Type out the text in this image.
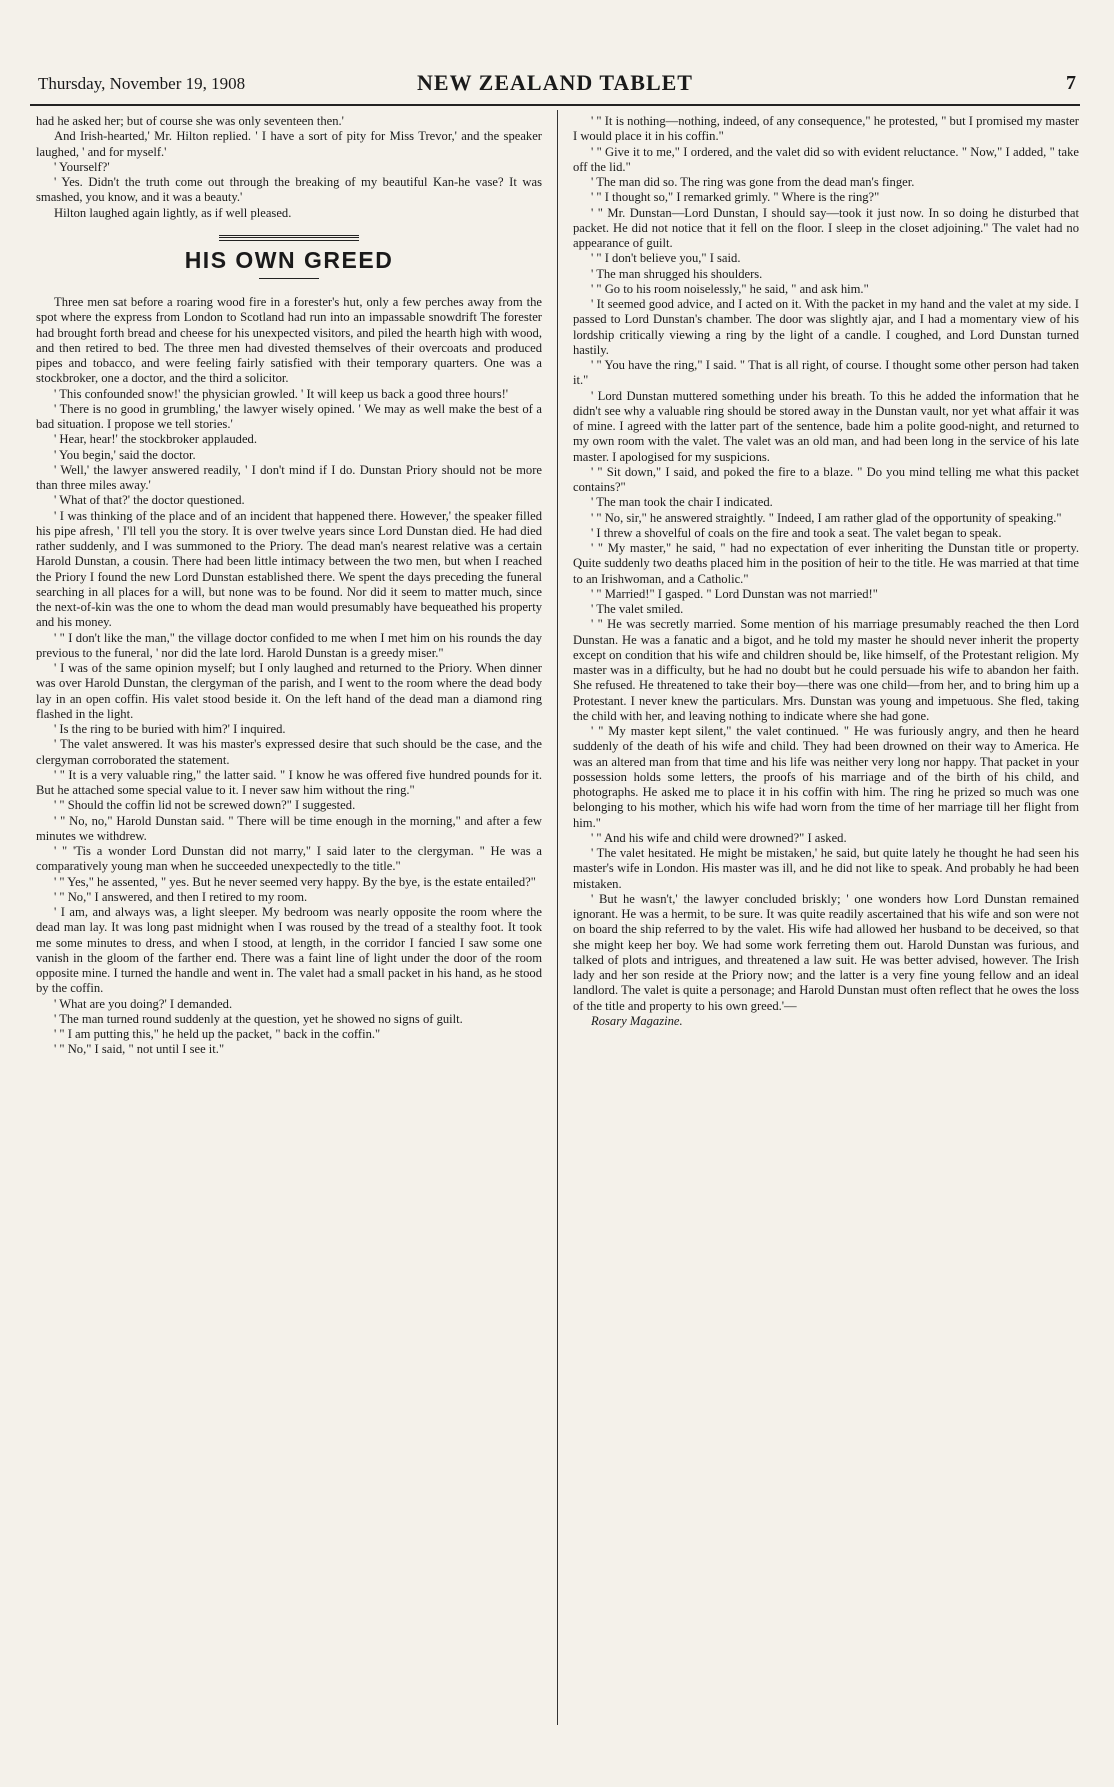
Thursday, November 19, 1908	NEW ZEALAND TABLET	7

had he asked her; but of course she was only seventeen then.'

And Irish-hearted,' Mr. Hilton replied. ' I have a sort of pity for Miss Trevor,' and the speaker laughed, ' and for myself.'

' Yourself?'

' Yes. Didn't the truth come out through the breaking of my beautiful Kan-he vase? It was smashed, you know, and it was a beauty.'

Hilton laughed again lightly, as if well pleased.

HIS OWN GREED

Three men sat before a roaring wood fire in a forester's hut, only a few perches away from the spot where the express from London to Scotland had run into an impassable snowdrift The forester had brought forth bread and cheese for his unexpected visitors, and piled the hearth high with wood, and then retired to bed. The three men had divested themselves of their overcoats and produced pipes and tobacco, and were feeling fairly satisfied with their temporary quarters. One was a stockbroker, one a doctor, and the third a solicitor.

' This confounded snow!' the physician growled. ' It will keep us back a good three hours!'

' There is no good in grumbling,' the lawyer wisely opined. ' We may as well make the best of a bad situation. I propose we tell stories.'

' Hear, hear!' the stockbroker applauded.

' You begin,' said the doctor.

' Well,' the lawyer answered readily, ' I don't mind if I do. Dunstan Priory should not be more than three miles away.'

' What of that?' the doctor questioned.

' I was thinking of the place and of an incident that happened there. However,' the speaker filled his pipe afresh, ' I'll tell you the story. It is over twelve years since Lord Dunstan died. He had died rather suddenly, and I was summoned to the Priory. The dead man's nearest relative was a certain Harold Dunstan, a cousin. There had been little intimacy between the two men, but when I reached the Priory I found the new Lord Dunstan established there. We spent the days preceding the funeral searching in all places for a will, but none was to be found. Nor did it seem to matter much, since the next-of-kin was the one to whom the dead man would presumably have bequeathed his property and his money.

' " I don't like the man," the village doctor confided to me when I met him on his rounds the day previous to the funeral, ' nor did the late lord. Harold Dunstan is a greedy miser."

' I was of the same opinion myself; but I only laughed and returned to the Priory. When dinner was over Harold Dunstan, the clergyman of the parish, and I went to the room where the dead body lay in an open coffin. His valet stood beside it. On the left hand of the dead man a diamond ring flashed in the light.

' Is the ring to be buried with him?' I inquired.

' The valet answered. It was his master's expressed desire that such should be the case, and the clergyman corroborated the statement.

' " It is a very valuable ring," the latter said. " I know he was offered five hundred pounds for it. But he attached some special value to it. I never saw him without the ring."

' " Should the coffin lid not be screwed down?" I suggested.

' " No, no," Harold Dunstan said. " There will be time enough in the morning," and after a few minutes we withdrew.

' " 'Tis a wonder Lord Dunstan did not marry," I said later to the clergyman. " He was a comparatively young man when he succeeded unexpectedly to the title."

' " Yes," he assented, " yes. But he never seemed very happy. By the bye, is the estate entailed?"

' " No," I answered, and then I retired to my room.

' I am, and always was, a light sleeper. My bedroom was nearly opposite the room where the dead man lay. It was long past midnight when I was roused by the tread of a stealthy foot. It took me some minutes to dress, and when I stood, at length, in the corridor I fancied I saw some one vanish in the gloom of the farther end. There was a faint line of light under the door of the room opposite mine. I turned the handle and went in. The valet had a small packet in his hand, as he stood by the coffin.

' What are you doing?' I demanded.

' The man turned round suddenly at the question, yet he showed no signs of guilt.

' " I am putting this," he held up the packet, " back in the coffin."

' " No," I said, " not until I see it."

' " It is nothing—nothing, indeed, of any consequence," he protested, " but I promised my master I would place it in his coffin."

' " Give it to me," I ordered, and the valet did so with evident reluctance. " Now," I added, " take off the lid."

' The man did so. The ring was gone from the dead man's finger.

' " I thought so," I remarked grimly. " Where is the ring?"

' " Mr. Dunstan—Lord Dunstan, I should say—took it just now. In so doing he disturbed that packet. He did not notice that it fell on the floor. I sleep in the closet adjoining." The valet had no appearance of guilt.

' " I don't believe you," I said.

' The man shrugged his shoulders.

' " Go to his room noiselessly," he said, " and ask him."

' It seemed good advice, and I acted on it. With the packet in my hand and the valet at my side. I passed to Lord Dunstan's chamber. The door was slightly ajar, and I had a momentary view of his lordship critically viewing a ring by the light of a candle. I coughed, and Lord Dunstan turned hastily.

' " You have the ring," I said. " That is all right, of course. I thought some other person had taken it."

' Lord Dunstan muttered something under his breath. To this he added the information that he didn't see why a valuable ring should be stored away in the Dunstan vault, nor yet what affair it was of mine. I agreed with the latter part of the sentence, bade him a polite good-night, and returned to my own room with the valet. The valet was an old man, and had been long in the service of his late master. I apologised for my suspicions.

' " Sit down," I said, and poked the fire to a blaze. " Do you mind telling me what this packet contains?"

' The man took the chair I indicated.

' " No, sir," he answered straightly. " Indeed, I am rather glad of the opportunity of speaking."

' I threw a shovelful of coals on the fire and took a seat. The valet began to speak.

' " My master," he said, " had no expectation of ever inheriting the Dunstan title or property. Quite suddenly two deaths placed him in the position of heir to the title. He was married at that time to an Irishwoman, and a Catholic."

' " Married!" I gasped. " Lord Dunstan was not married!"

' The valet smiled.

' " He was secretly married. Some mention of his marriage presumably reached the then Lord Dunstan. He was a fanatic and a bigot, and he told my master he should never inherit the property except on condition that his wife and children should be, like himself, of the Protestant religion. My master was in a difficulty, but he had no doubt but he could persuade his wife to abandon her faith. She refused. He threatened to take their boy—there was one child—from her, and to bring him up a Protestant. I never knew the particulars. Mrs. Dunstan was young and impetuous. She fled, taking the child with her, and leaving nothing to indicate where she had gone.

' " My master kept silent," the valet continued. " He was furiously angry, and then he heard suddenly of the death of his wife and child. They had been drowned on their way to America. He was an altered man from that time and his life was neither very long nor happy. That packet in your possession holds some letters, the proofs of his marriage and of the birth of his child, and photographs. He asked me to place it in his coffin with him. The ring he prized so much was one belonging to his mother, which his wife had worn from the time of her marriage till her flight from him."

' " And his wife and child were drowned?" I asked.

' The valet hesitated. He might be mistaken,' he said, but quite lately he thought he had seen his master's wife in London. His master was ill, and he did not like to speak. And probably he had been mistaken.

' But he wasn't,' the lawyer concluded briskly; ' one wonders how Lord Dunstan remained ignorant. He was a hermit, to be sure. It was quite readily ascertained that his wife and son were not on board the ship referred to by the valet. His wife had allowed her husband to be deceived, so that she might keep her boy. We had some work ferreting them out. Harold Dunstan was furious, and talked of plots and intrigues, and threatened a law suit. He was better advised, however. The Irish lady and her son reside at the Priory now; and the latter is a very fine young fellow and an ideal landlord. The valet is quite a personage; and Harold Dunstan must often reflect that he owes the loss of the title and property to his own greed.'—

Rosary Magazine.
